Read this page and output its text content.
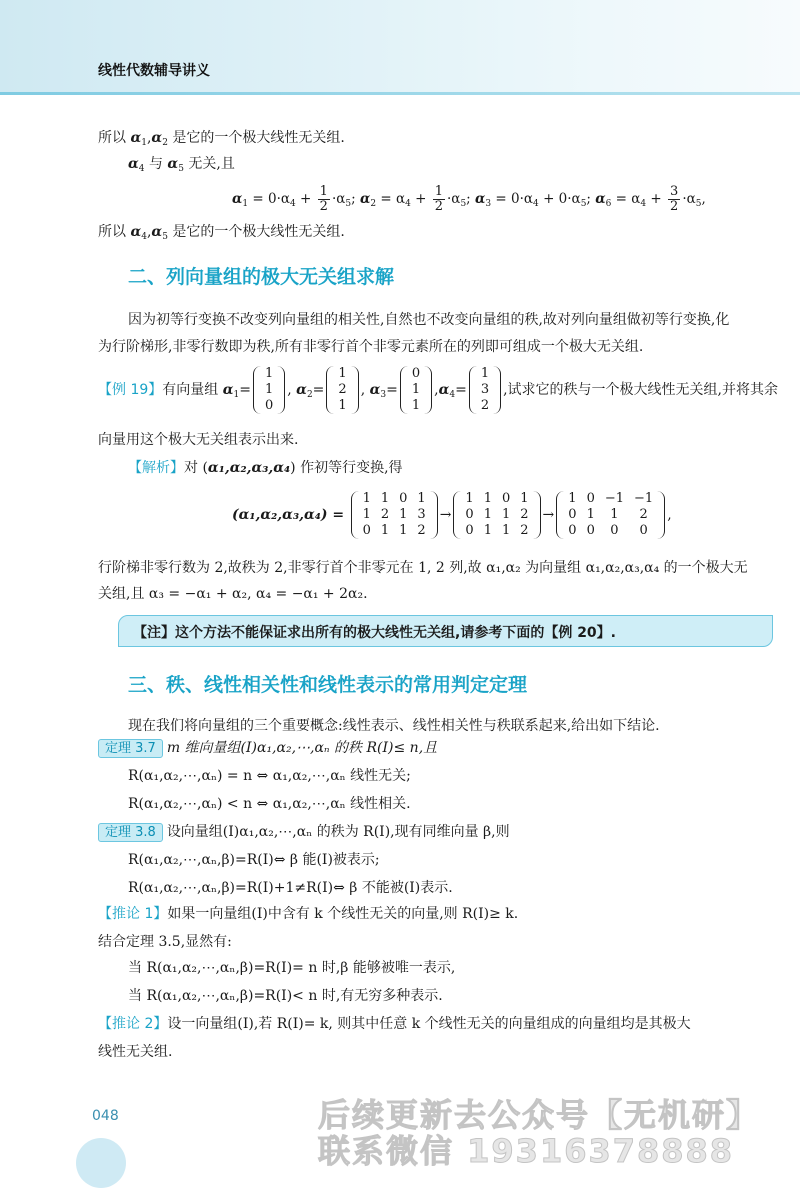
线性代数辅导讲义
所以 $\alpha_1,\alpha_2$ 是它的一个极大线性无关组.
$\alpha_4$ 与 $\alpha_5$ 无关,且
$\alpha_1 = 0\cdot\alpha_4 + \frac{1}{2} \cdot\alpha_5$; $\alpha_2 = \alpha_4 + \frac{1}{2} \cdot\alpha_5$; $\alpha_3 = 0\cdot\alpha_4 + 0\cdot\alpha_5$; $\alpha_6 = \alpha_4 + \frac{3}{2} \cdot\alpha_5$,
所以 $\alpha_4,\alpha_5$ 是它的一个极大线性无关组.
二、列向量组的极大无关组求解
因为初等行变换不改变列向量组的相关性,自然也不改变向量组的秩,故对列向量组做初等行变换,化
为行阶梯形,非零行数即为秩,所有非零行首个非零元素所在的列即可组成一个极大无关组.
【例 19】有向量组 $\alpha_1=$
1
1
0
, $\alpha_2=$
1
2
1
, $\alpha_3=$
0
1
1
$,\alpha_4=$
1
3
2
,试求它的秩与一个极大线性无关组,并将其余
向量用这个极大无关组表示出来.
【解析】对 (α₁,α₂,α₃,α₄) 作初等行变换,得
(α₁,α₂,α₃,α₄) =
1	1	0	1
1	2	1	3
0	1	1	2
→
1	1	0	1
0	1	1	2
0	1	1	2
→
1	0	−1	−1
0	1	1	2
0	0	0	0
,
行阶梯非零行数为 2,故秩为 2,非零行首个非零元在 1, 2 列,故 α₁,α₂ 为向量组 α₁,α₂,α₃,α₄ 的一个极大无
关组,且 α₃ = −α₁ + α₂, α₄ = −α₁ + 2α₂.
【注】这个方法不能保证求出所有的极大线性无关组,请参考下面的【例 20】.
三、秩、线性相关性和线性表示的常用判定定理
现在我们将向量组的三个重要概念:线性表示、线性相关性与秩联系起来,给出如下结论.
定理 3.7 m 维向量组(Ⅰ)α₁,α₂,⋯,αₙ 的秩 R(Ⅰ)≤ n,且
R(α₁,α₂,⋯,αₙ) = n ⇔ α₁,α₂,⋯,αₙ 线性无关;
R(α₁,α₂,⋯,αₙ) < n ⇔ α₁,α₂,⋯,αₙ 线性相关.
定理 3.8 设向量组(Ⅰ)α₁,α₂,⋯,αₙ 的秩为 R(Ⅰ),现有同维向量 β,则
R(α₁,α₂,⋯,αₙ,β)=R(Ⅰ)⇔ β 能(Ⅰ)被表示;
R(α₁,α₂,⋯,αₙ,β)=R(Ⅰ)+1≠R(Ⅰ)⇔ β 不能被(Ⅰ)表示.
【推论 1】如果一向量组(Ⅰ)中含有 k 个线性无关的向量,则 R(Ⅰ)≥ k.
结合定理 3.5,显然有:
当 R(α₁,α₂,⋯,αₙ,β)=R(Ⅰ)= n 时,β 能够被唯一表示,
当 R(α₁,α₂,⋯,αₙ,β)=R(Ⅰ)< n 时,有无穷多种表示.
【推论 2】设一向量组(Ⅰ),若 R(Ⅰ)= k, 则其中任意 k 个线性无关的向量组成的向量组均是其极大
线性无关组.
048	后续更新去公众号【无机研】
联系微信 19316378888
